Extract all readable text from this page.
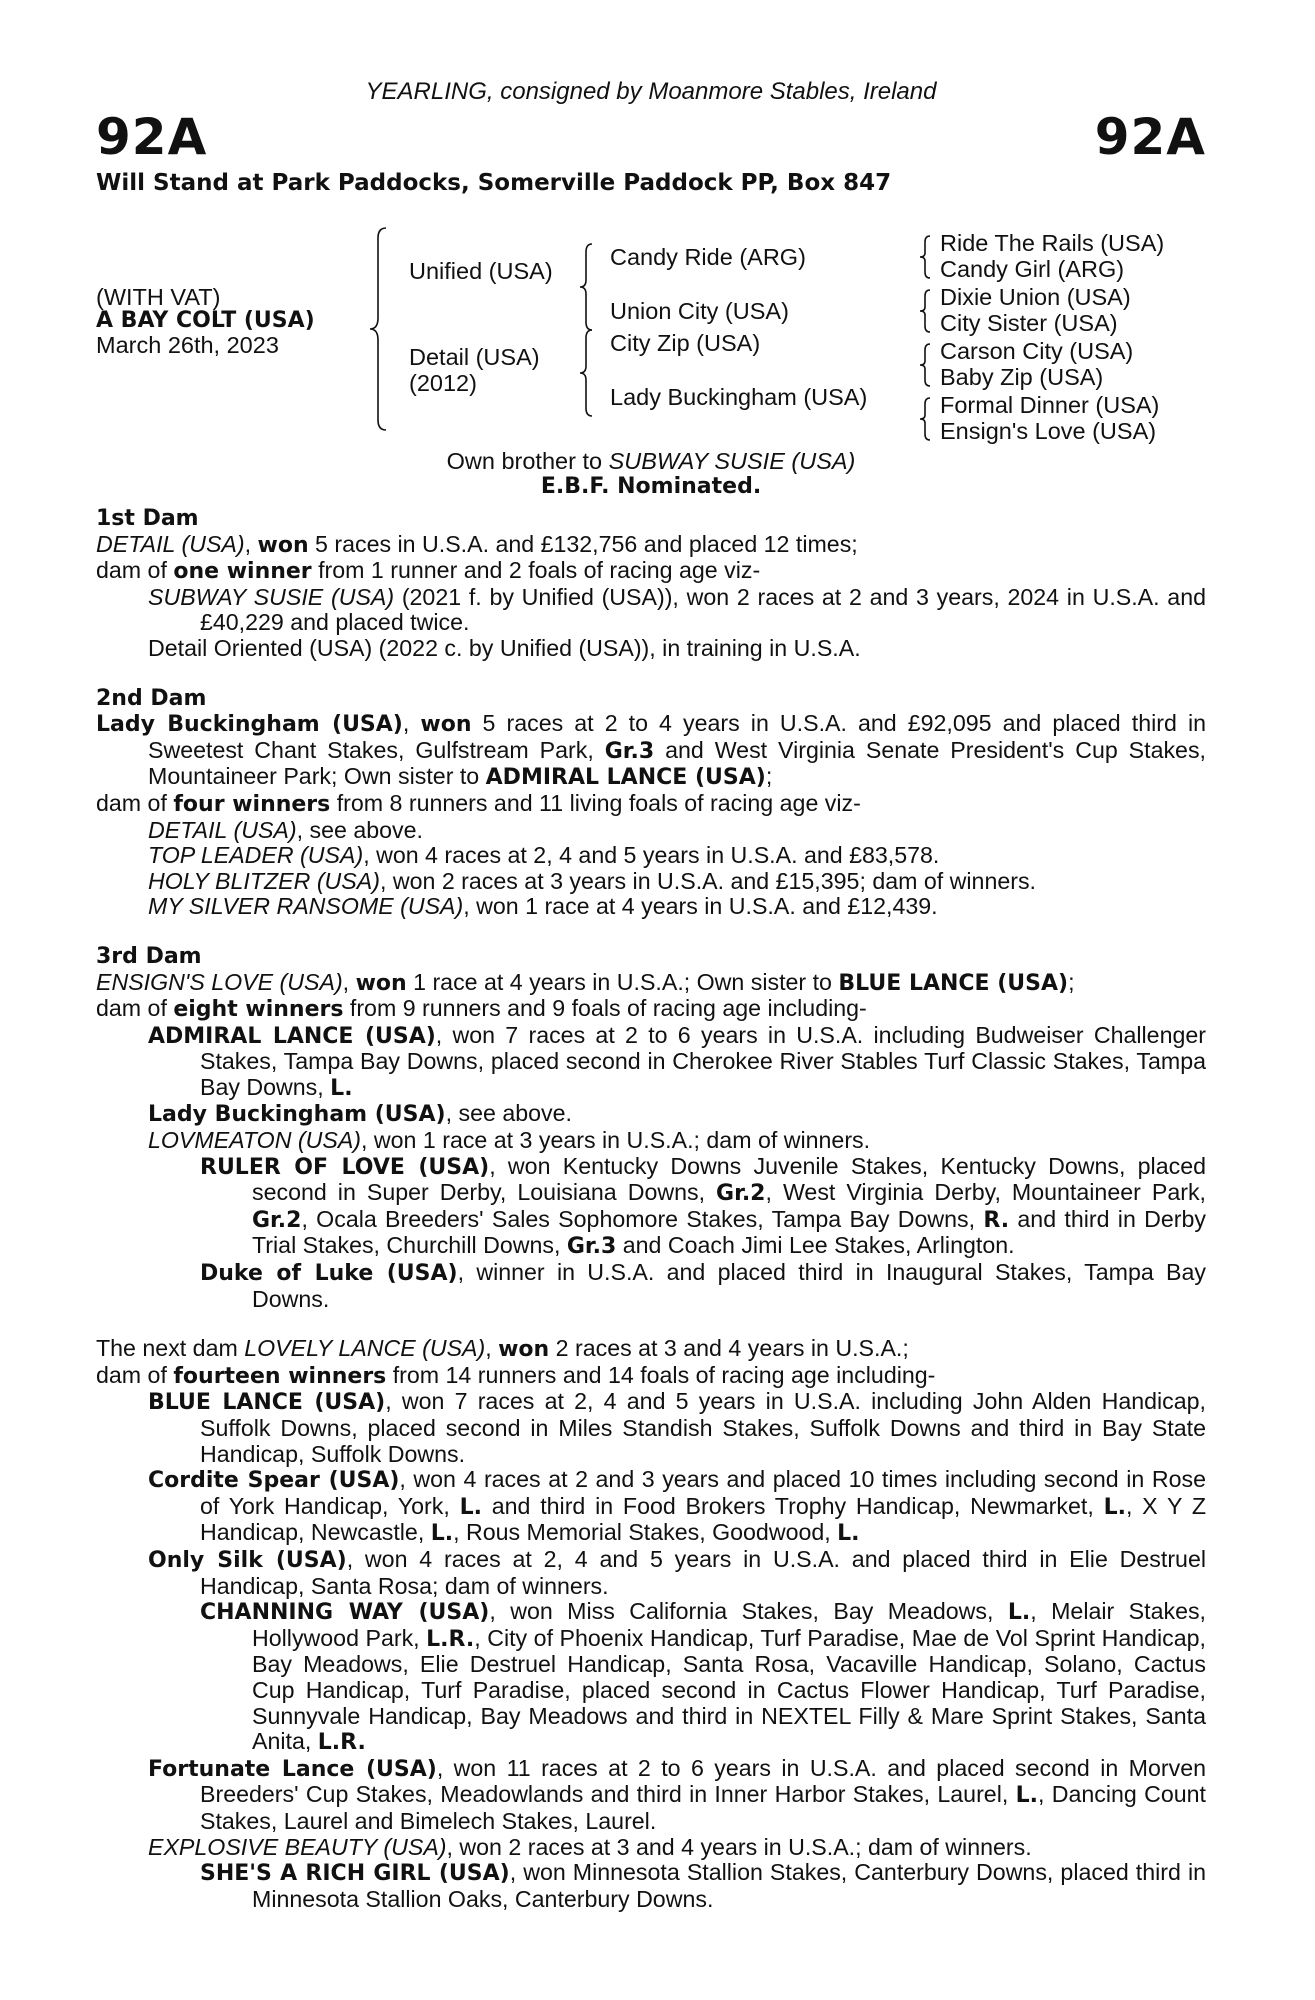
YEARLING, consigned by Moanmore Stables, Ireland
92A	92A
Will Stand at Park Paddocks, Somerville Paddock PP, Box 847
(WITH VAT)
A BAY COLT (USA)
March 26th, 2023
Unified (USA)
Detail (USA)
(2012)
Candy Ride (ARG)
Union City (USA)
City Zip (USA)
Lady Buckingham (USA)
Ride The Rails (USA)
Candy Girl (ARG)
Dixie Union (USA)
City Sister (USA)
Carson City (USA)
Baby Zip (USA)
Formal Dinner (USA)
Ensign's Love (USA)
Own brother to SUBWAY SUSIE (USA)
E.B.F. Nominated.
1st Dam
DETAIL (USA), won 5 races in U.S.A. and £132,756 and placed 12 times;
dam of one winner from 1 runner and 2 foals of racing age viz-
SUBWAY SUSIE (USA) (2021 f. by Unified (USA)), won 2 races at 2 and 3 years, 2024 in U.S.A. and £40,229 and placed twice.
Detail Oriented (USA) (2022 c. by Unified (USA)), in training in U.S.A.
2nd Dam
Lady Buckingham (USA), won 5 races at 2 to 4 years in U.S.A. and £92,095 and placed third in Sweetest Chant Stakes, Gulfstream Park, Gr.3 and West Virginia Senate President's Cup Stakes, Mountaineer Park; Own sister to ADMIRAL LANCE (USA);
dam of four winners from 8 runners and 11 living foals of racing age viz-
DETAIL (USA), see above.
TOP LEADER (USA), won 4 races at 2, 4 and 5 years in U.S.A. and £83,578.
HOLY BLITZER (USA), won 2 races at 3 years in U.S.A. and £15,395; dam of winners.
MY SILVER RANSOME (USA), won 1 race at 4 years in U.S.A. and £12,439.
3rd Dam
ENSIGN'S LOVE (USA), won 1 race at 4 years in U.S.A.; Own sister to BLUE LANCE (USA);
dam of eight winners from 9 runners and 9 foals of racing age including-
ADMIRAL LANCE (USA), won 7 races at 2 to 6 years in U.S.A. including Budweiser Challenger Stakes, Tampa Bay Downs, placed second in Cherokee River Stables Turf Classic Stakes, Tampa Bay Downs, L.
Lady Buckingham (USA), see above.
LOVMEATON (USA), won 1 race at 3 years in U.S.A.; dam of winners.
RULER OF LOVE (USA), won Kentucky Downs Juvenile Stakes, Kentucky Downs, placed second in Super Derby, Louisiana Downs, Gr.2, West Virginia Derby, Mountaineer Park, Gr.2, Ocala Breeders' Sales Sophomore Stakes, Tampa Bay Downs, R. and third in Derby Trial Stakes, Churchill Downs, Gr.3 and Coach Jimi Lee Stakes, Arlington.
Duke of Luke (USA), winner in U.S.A. and placed third in Inaugural Stakes, Tampa Bay Downs.
The next dam LOVELY LANCE (USA), won 2 races at 3 and 4 years in U.S.A.;
dam of fourteen winners from 14 runners and 14 foals of racing age including-
BLUE LANCE (USA), won 7 races at 2, 4 and 5 years in U.S.A. including John Alden Handicap, Suffolk Downs, placed second in Miles Standish Stakes, Suffolk Downs and third in Bay State Handicap, Suffolk Downs.
Cordite Spear (USA), won 4 races at 2 and 3 years and placed 10 times including second in Rose of York Handicap, York, L. and third in Food Brokers Trophy Handicap, Newmarket, L., X Y Z Handicap, Newcastle, L., Rous Memorial Stakes, Goodwood, L.
Only Silk (USA), won 4 races at 2, 4 and 5 years in U.S.A. and placed third in Elie Destruel Handicap, Santa Rosa; dam of winners.
CHANNING WAY (USA), won Miss California Stakes, Bay Meadows, L., Melair Stakes, Hollywood Park, L.R., City of Phoenix Handicap, Turf Paradise, Mae de Vol Sprint Handicap, Bay Meadows, Elie Destruel Handicap, Santa Rosa, Vacaville Handicap, Solano, Cactus Cup Handicap, Turf Paradise, placed second in Cactus Flower Handicap, Turf Paradise, Sunnyvale Handicap, Bay Meadows and third in NEXTEL Filly & Mare Sprint Stakes, Santa Anita, L.R.
Fortunate Lance (USA), won 11 races at 2 to 6 years in U.S.A. and placed second in Morven Breeders' Cup Stakes, Meadowlands and third in Inner Harbor Stakes, Laurel, L., Dancing Count Stakes, Laurel and Bimelech Stakes, Laurel.
EXPLOSIVE BEAUTY (USA), won 2 races at 3 and 4 years in U.S.A.; dam of winners.
SHE'S A RICH GIRL (USA), won Minnesota Stallion Stakes, Canterbury Downs, placed third in Minnesota Stallion Oaks, Canterbury Downs.
